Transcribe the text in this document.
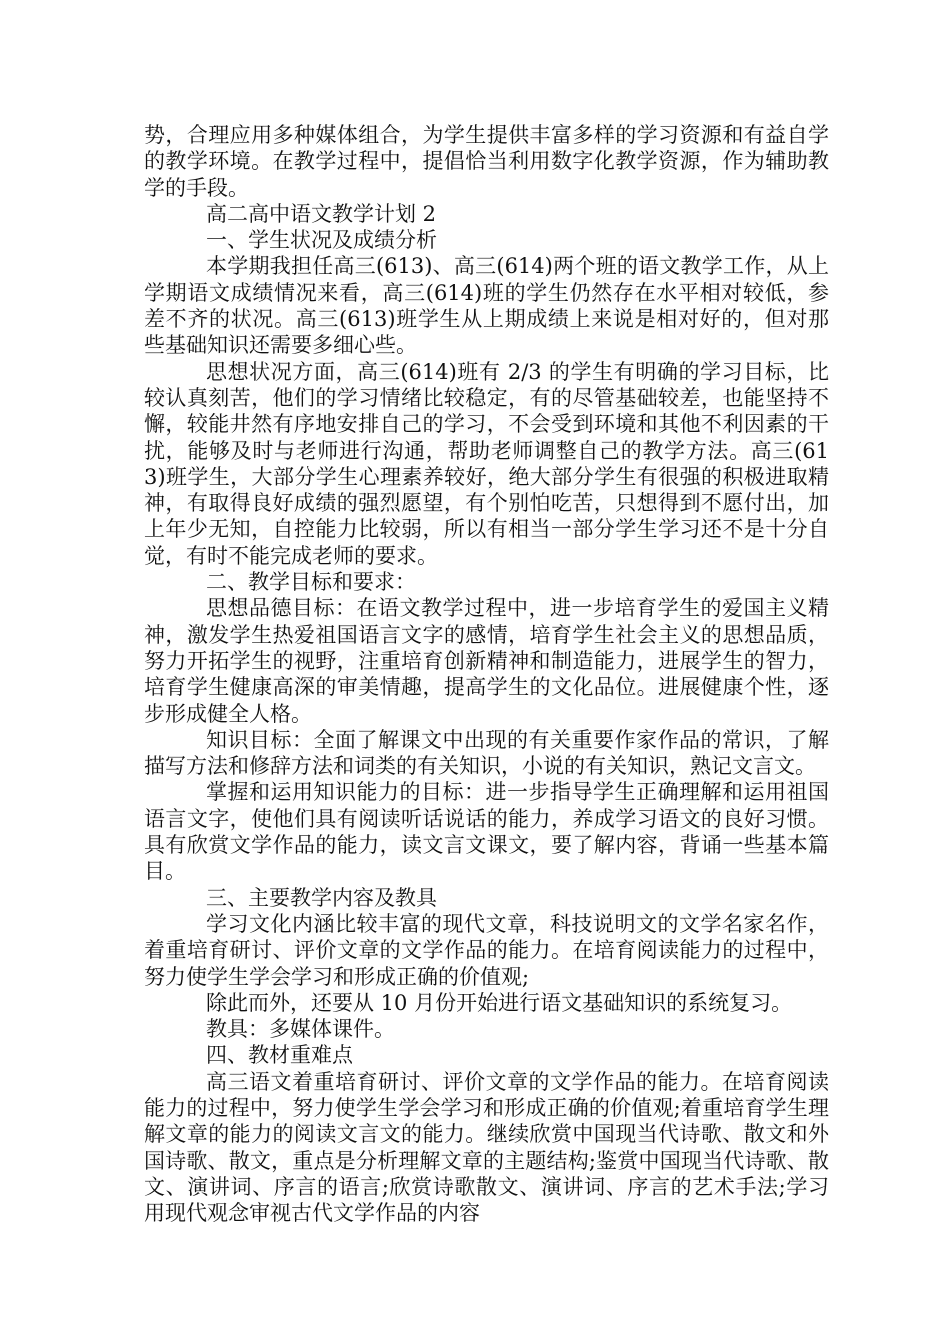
势，合理应用多种媒体组合，为学生提供丰富多样的学习资源和有益自学的教学环境。在教学过程中，提倡恰当利用数字化教学资源，作为辅助教学的手段。

高二高中语文教学计划 2

一、学生状况及成绩分析

本学期我担任高三(613)、高三(614)两个班的语文教学工作，从上学期语文成绩情况来看，高三(614)班的学生仍然存在水平相对较低，参差不齐的状况。高三(613)班学生从上期成绩上来说是相对好的，但对那些基础知识还需要多细心些。

思想状况方面，高三(614)班有 2/3 的学生有明确的学习目标，比较认真刻苦，他们的学习情绪比较稳定，有的尽管基础较差，也能坚持不懈，较能井然有序地安排自己的学习，不会受到环境和其他不利因素的干扰，能够及时与老师进行沟通，帮助老师调整自己的教学方法。高三(613)班学生，大部分学生心理素养较好，绝大部分学生有很强的积极进取精神，有取得良好成绩的强烈愿望，有个别怕吃苦，只想得到不愿付出，加上年少无知，自控能力比较弱，所以有相当一部分学生学习还不是十分自觉，有时不能完成老师的要求。

二、教学目标和要求：

思想品德目标：在语文教学过程中，进一步培育学生的爱国主义精神，激发学生热爱祖国语言文字的感情，培育学生社会主义的思想品质，努力开拓学生的视野，注重培育创新精神和制造能力，进展学生的智力，培育学生健康高深的审美情趣，提高学生的文化品位。进展健康个性，逐步形成健全人格。

知识目标：全面了解课文中出现的有关重要作家作品的常识，了解描写方法和修辞方法和词类的有关知识，小说的有关知识，熟记文言文。

掌握和运用知识能力的目标：进一步指导学生正确理解和运用祖国语言文字，使他们具有阅读听话说话的能力，养成学习语文的良好习惯。具有欣赏文学作品的能力，读文言文课文，要了解内容，背诵一些基本篇目。

三、主要教学内容及教具

学习文化内涵比较丰富的现代文章，科技说明文的文学名家名作，着重培育研讨、评价文章的文学作品的能力。在培育阅读能力的过程中，努力使学生学会学习和形成正确的价值观;

除此而外，还要从 10 月份开始进行语文基础知识的系统复习。

教具：多媒体课件。

四、教材重难点

高三语文着重培育研讨、评价文章的文学作品的能力。在培育阅读能力的过程中，努力使学生学会学习和形成正确的价值观;着重培育学生理解文章的能力的阅读文言文的能力。继续欣赏中国现当代诗歌、散文和外国诗歌、散文，重点是分析理解文章的主题结构;鉴赏中国现当代诗歌、散文、演讲词、序言的语言;欣赏诗歌散文、演讲词、序言的艺术手法;学习用现代观念审视古代文学作品的内容
